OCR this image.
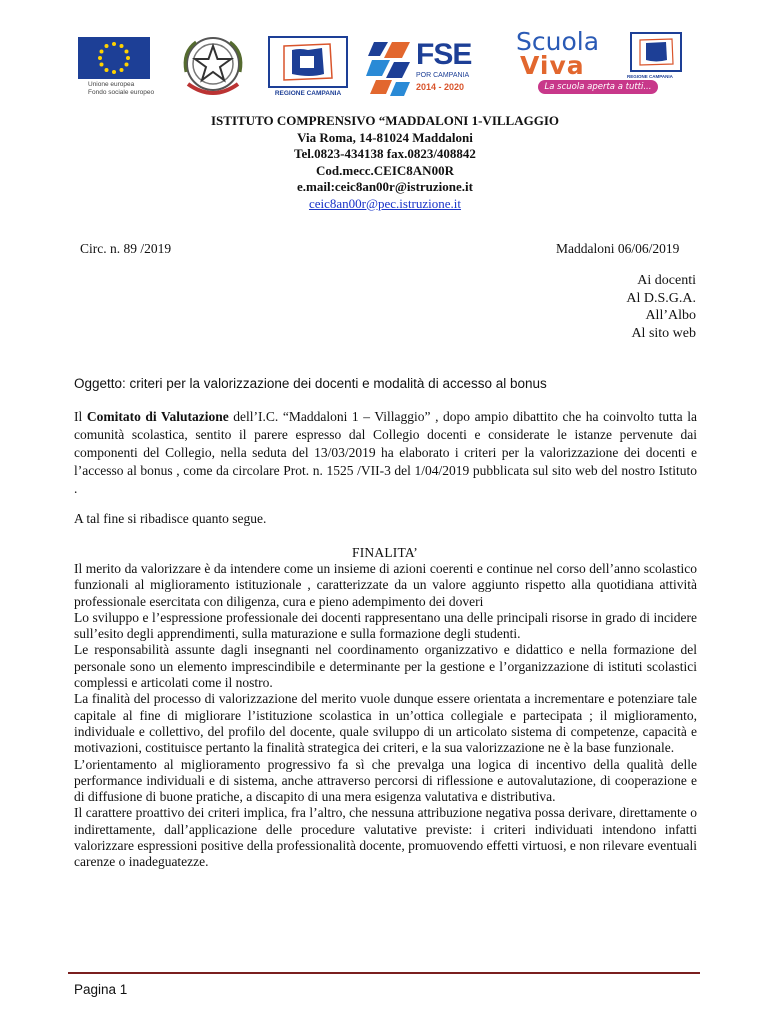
Unione europea
Fondo sociale europeo	REGIONE CAMPANIA
FSE
POR CAMPANIA
2014 - 2020
Scuola
Viva	REGIONE CAMPANIA
La scuola aperta a tutti...
ISTITUTO COMPRENSIVO “MADDALONI 1-VILLAGGIO
Via Roma, 14-81024 Maddaloni
Tel.0823-434138 fax.0823/408842
Cod.mecc.CEIC8AN00R
e.mail:ceic8an00r@istruzione.it
ceic8an00r@pec.istruzione.it
Circ. n. 89 /2019	Maddaloni 06/06/2019
Ai docenti
Al D.S.G.A.
All’Albo
Al sito web
Oggetto: criteri per la valorizzazione dei docenti e modalità di accesso al bonus

Il Comitato di Valutazione dell’I.C. “Maddaloni 1 – Villaggio” , dopo ampio dibattito che ha coinvolto tutta la comunità scolastica, sentito il parere espresso dal Collegio docenti e considerate le istanze pervenute dai componenti del Collegio, nella seduta del 13/03/2019 ha elaborato i criteri per la valorizzazione dei docenti e l’accesso al bonus , come da circolare Prot. n. 1525 /VII-3 del 1/04/2019 pubblicata sul sito web del nostro Istituto .

A tal fine si ribadisce quanto segue.
FINALITA’

Il merito da valorizzare è da intendere come un insieme di azioni coerenti e continue nel corso dell’anno scolastico funzionali al miglioramento istituzionale , caratterizzate da un valore aggiunto rispetto alla quotidiana attività professionale esercitata con diligenza, cura e pieno adempimento dei doveri

Lo sviluppo e l’espressione professionale dei docenti rappresentano una delle principali risorse in grado di incidere sull’esito degli apprendimenti, sulla maturazione e sulla formazione degli studenti.

Le responsabilità assunte dagli insegnanti nel coordinamento organizzativo e didattico e nella formazione del personale sono un elemento imprescindibile e determinante per la gestione e l’organizzazione di istituti scolastici complessi e articolati come il nostro.

La finalità del processo di valorizzazione del merito vuole dunque essere orientata a incrementare e potenziare tale capitale al fine di migliorare l’istituzione scolastica in un’ottica collegiale e partecipata ; il miglioramento, individuale e collettivo, del profilo del docente, quale sviluppo di un articolato sistema di competenze, capacità e motivazioni, costituisce pertanto la finalità strategica dei criteri, e la sua valorizzazione ne è la base funzionale.

L’orientamento al miglioramento progressivo fa sì che prevalga una logica di incentivo della qualità delle performance individuali e di sistema, anche attraverso percorsi di riflessione e autovalutazione, di cooperazione e di diffusione di buone pratiche, a discapito di una mera esigenza valutativa e distributiva.

Il carattere proattivo dei criteri implica, fra l’altro, che nessuna attribuzione negativa possa derivare, direttamente o indirettamente, dall’applicazione delle procedure valutative previste: i criteri individuati intendono infatti valorizzare espressioni positive della professionalità docente, promuovendo effetti virtuosi, e non rilevare eventuali carenze o inadeguatezze.

Pagina 1
